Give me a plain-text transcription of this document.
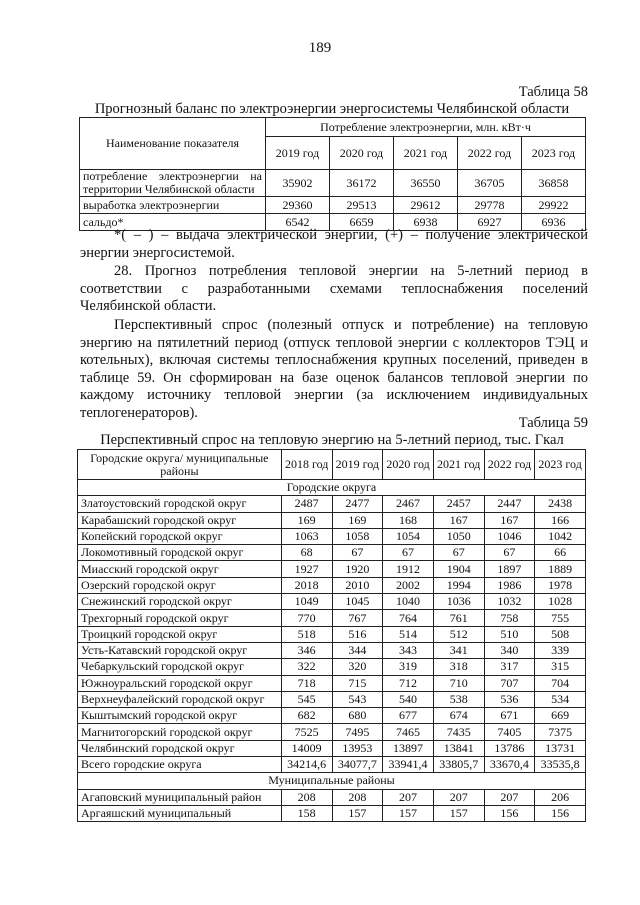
189
Таблица 58
Прогнозный баланс по электроэнергии энергосистемы Челябинской области
Наименование показателя	Потребление электроэнергии, млн. кВт·ч				
	2019 год	2020 год	2021 год	2022 год	2023 год
потребление электроэнергии на территории Челябинской области	35902	36172	36550	36705	36858
выработка электроэнергии	29360	29513	29612	29778	29922
сальдо*	6542	6659	6938	6927	6936
*( – ) – выдача электрической энергии, (+) – получение электрической энергии энергосистемой.
28. Прогноз потребления тепловой энергии на 5-летний период в соответствии с разработанными схемами теплоснабжения поселений Челябинской области.
Перспективный спрос (полезный отпуск и потребление) на тепловую энергию на пятилетний период (отпуск тепловой энергии с коллекторов ТЭЦ и котельных), включая системы теплоснабжения крупных поселений, приведен в таблице 59. Он сформирован на базе оценок балансов тепловой энергии по каждому источнику тепловой энергии (за исключением индивидуальных теплогенераторов).
Таблица 59
Перспективный спрос на тепловую энергию на 5-летний период, тыс. Гкал
Городские округа/ муниципальные районы	2018 год	2019 год	2020 год	2021 год	2022 год	2023 год
Городские округа						
Златоустовский городской округ	2487	2477	2467	2457	2447	2438
Карабашский городской округ	169	169	168	167	167	166
Копейский городской округ	1063	1058	1054	1050	1046	1042
Локомотивный городской округ	68	67	67	67	67	66
Миасский городской округ	1927	1920	1912	1904	1897	1889
Озерский городской округ	2018	2010	2002	1994	1986	1978
Снежинский городской округ	1049	1045	1040	1036	1032	1028
Трехгорный городской округ	770	767	764	761	758	755
Троицкий городской округ	518	516	514	512	510	508
Усть-Катавский городской округ	346	344	343	341	340	339
Чебаркульский городской округ	322	320	319	318	317	315
Южноуральский городской округ	718	715	712	710	707	704
Верхнеуфалейский городской округ	545	543	540	538	536	534
Кыштымский городской округ	682	680	677	674	671	669
Магнитогорский городской округ	7525	7495	7465	7435	7405	7375
Челябинский городской округ	14009	13953	13897	13841	13786	13731
Всего городские округа	34214,6	34077,7	33941,4	33805,7	33670,4	33535,8
Муниципальные районы						
Агаповский муниципальный район	208	208	207	207	207	206
Аргаяшский муниципальный	158	157	157	157	156	156
